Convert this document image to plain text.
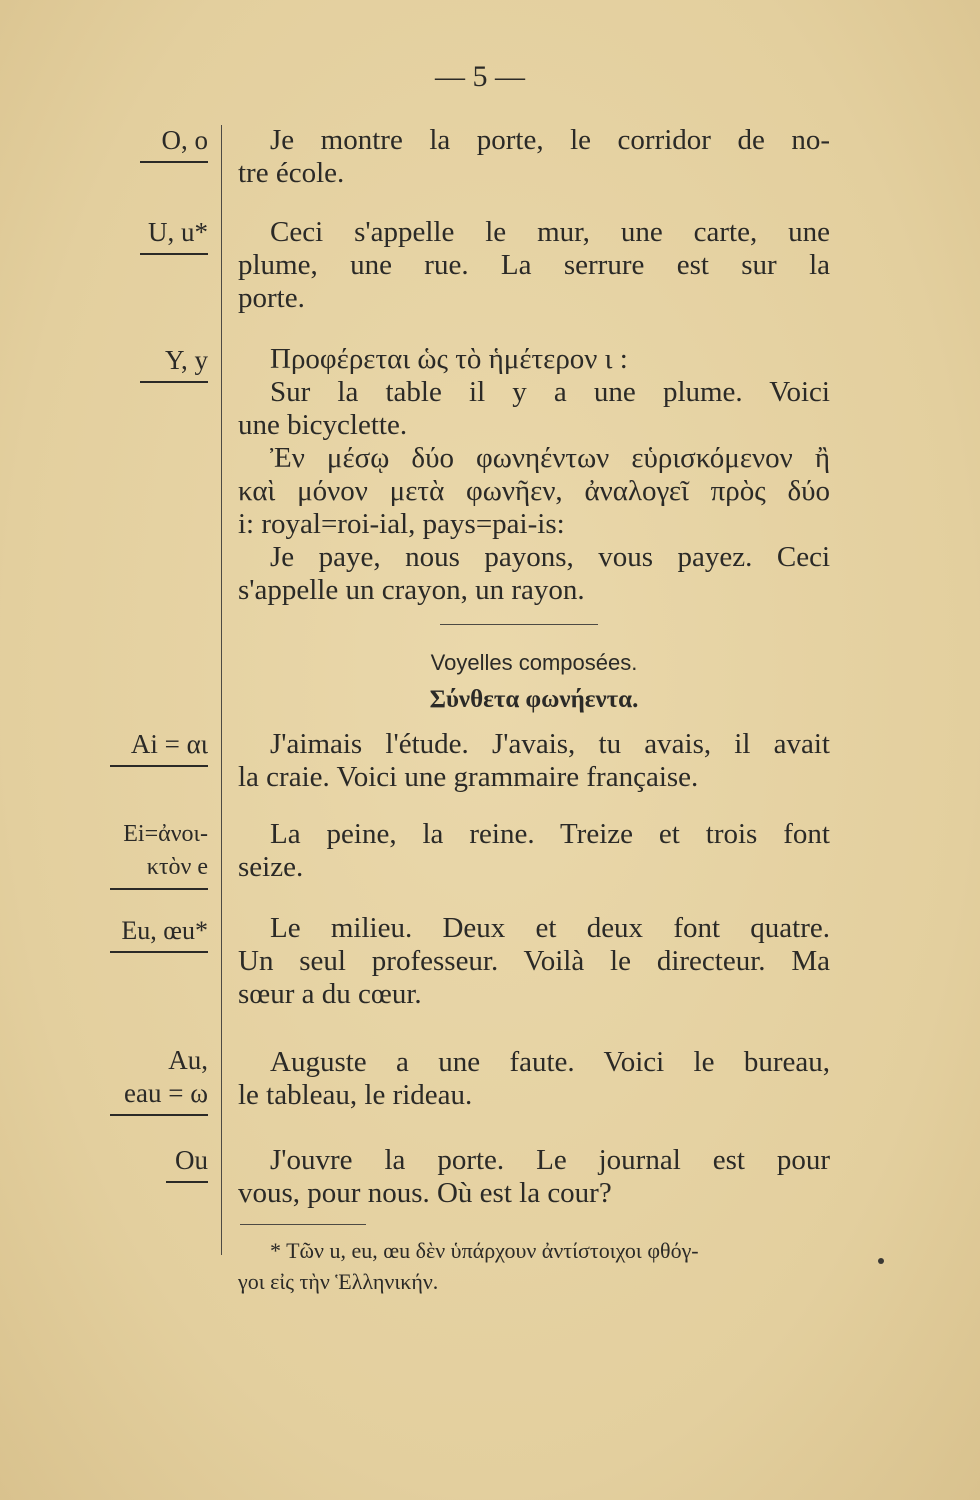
— 5 —
O, o
U, u*
Y, y
Ai = αι
Ei=ἀνοι-
κτὸν e
Eu, œu*
Au,
eau = ω
Ou
Je montre la porte, le corridor de no-
tre école.
Ceci s'appelle le mur, une carte, une
plume, une rue. La serrure est sur la
porte.
Προφέρεται ὡς τὸ ἡμέτερον ι :
Sur la table il y a une plume. Voici
une bicyclette.
Ἐν μέσῳ δύο φωνηέντων εὑρισκόμενον ἢ
καὶ μόνον μετὰ φωνῆεν, ἀναλογεῖ πρὸς δύο
i: royal=roi-ial, pays=pai-is:
Je paye, nous payons, vous payez. Ceci
s'appelle un crayon, un rayon.
Voyelles composées.
Σύνθετα φωνήεντα.
J'aimais l'étude. J'avais, tu avais, il avait
la craie. Voici une grammaire française.
La peine, la reine. Treize et trois font
seize.
Le milieu. Deux et deux font quatre.
Un seul professeur. Voilà le directeur. Ma
sœur a du cœur.
Auguste a une faute. Voici le bureau,
le tableau, le rideau.
J'ouvre la porte. Le journal est pour
vous, pour nous. Où est la cour?
* Τῶν u, eu, œu δὲν ὑπάρχουν ἀντίστοιχοι φθόγ-
γοι εἰς τὴν Ἑλληνικήν.
